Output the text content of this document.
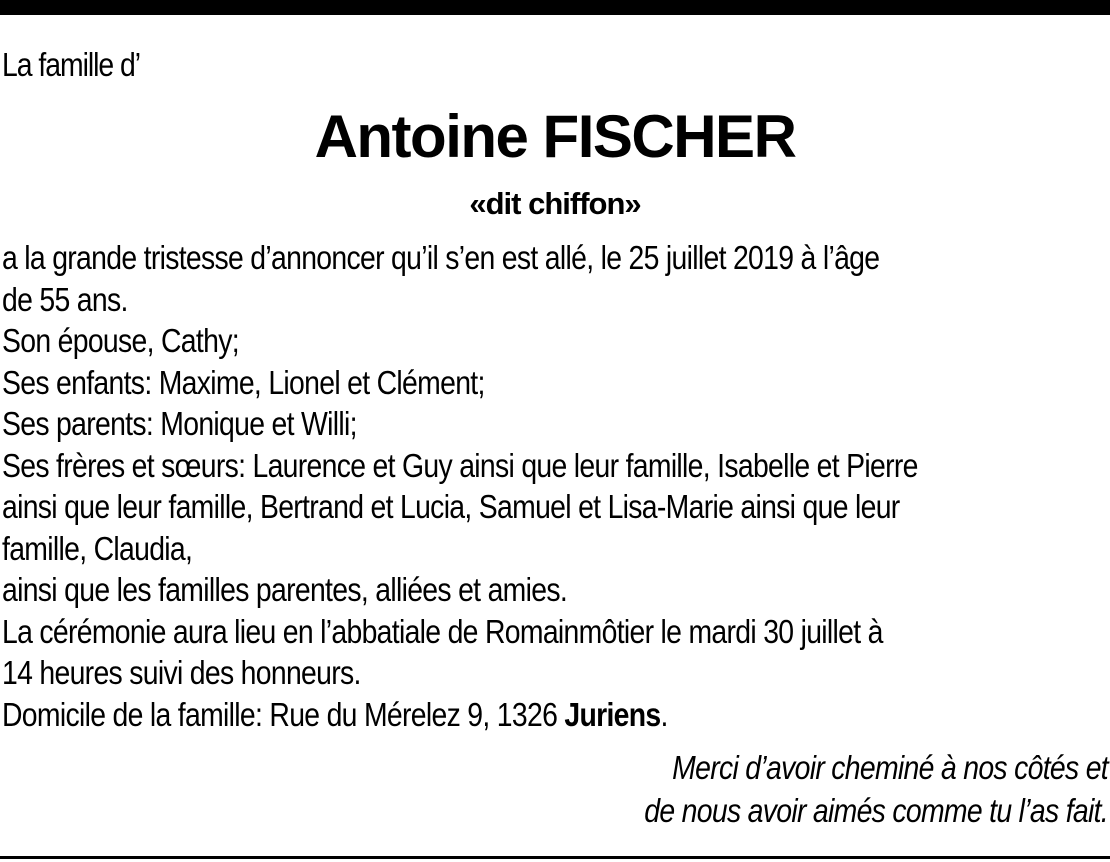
La famille d’
Antoine FISCHER
«dit chiffon»
a la grande tristesse d’annoncer qu’il s’en est allé, le 25 juillet 2019 à l’âge
de 55 ans.
Son épouse, Cathy;
Ses enfants: Maxime, Lionel et Clément;
Ses parents: Monique et Willi;
Ses frères et sœurs: Laurence et Guy ainsi que leur famille, Isabelle et Pierre
ainsi que leur famille, Bertrand et Lucia, Samuel et Lisa-Marie ainsi que leur
famille, Claudia,
ainsi que les familles parentes, alliées et amies.
La cérémonie aura lieu en l’abbatiale de Romainmôtier le mardi 30 juillet à
14 heures suivi des honneurs.
Domicile de la famille: Rue du Mérelez 9, 1326 Juriens.
Merci d’avoir cheminé à nos côtés et
de nous avoir aimés comme tu l’as fait.
